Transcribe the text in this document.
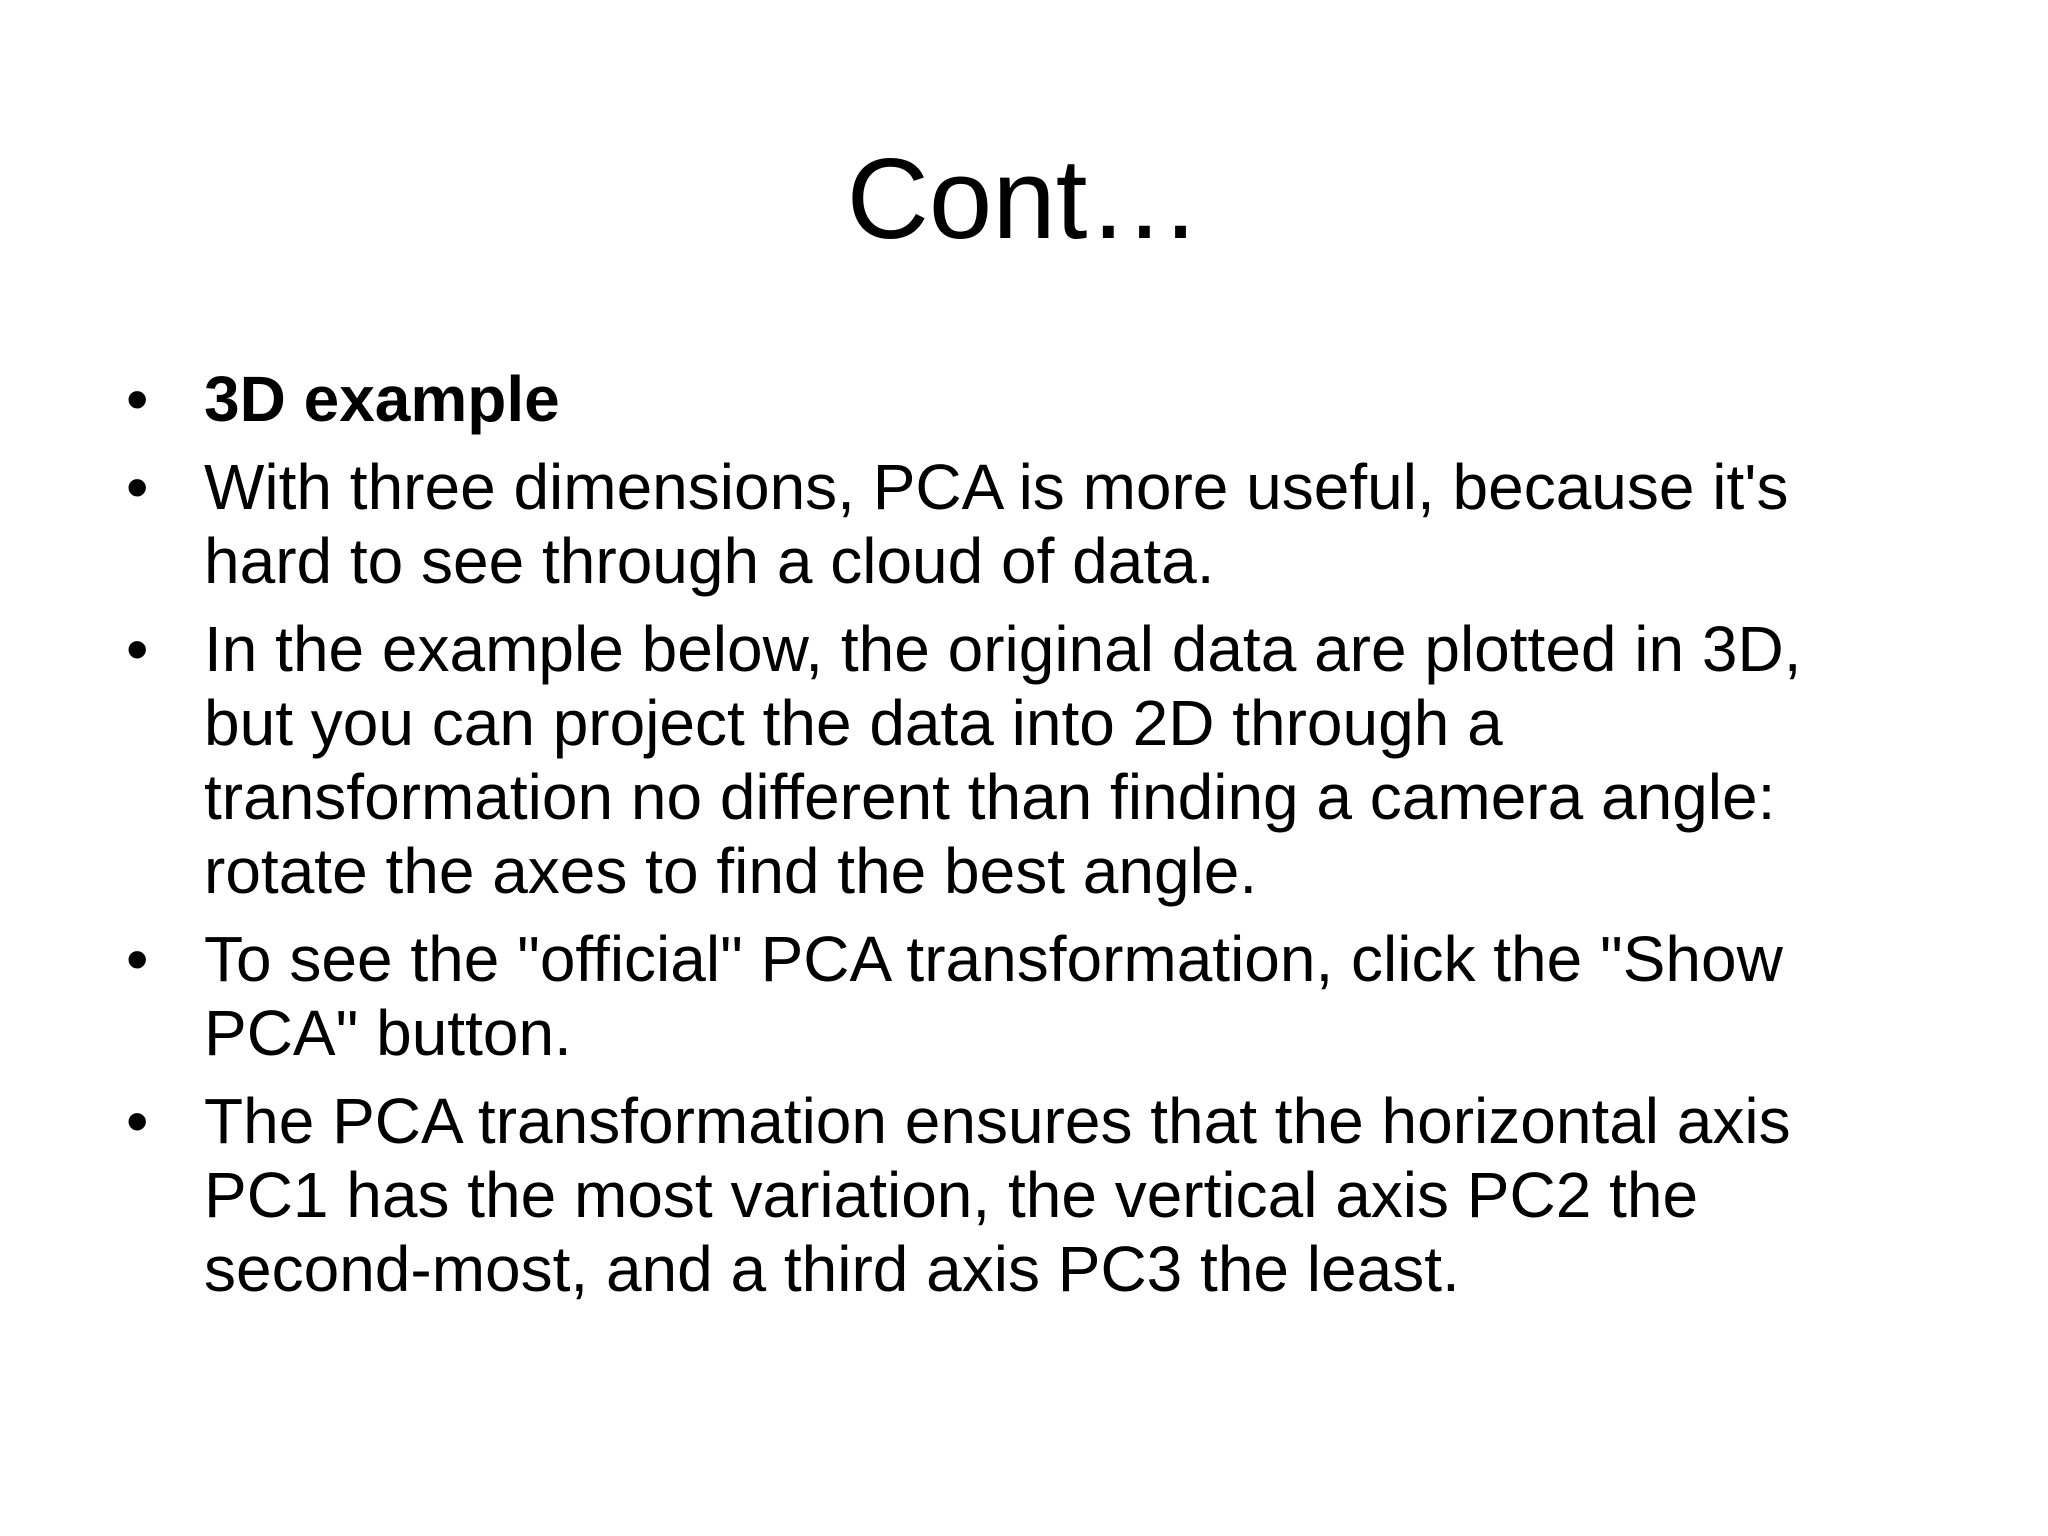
Cont…
• 3D example
• With three dimensions, PCA is more useful, because it's hard to see through a cloud of data.
• In the example below, the original data are plotted in 3D, but you can project the data into 2D through a transformation no different than finding a camera angle: rotate the axes to find the best angle.
• To see the "official" PCA transformation, click the "Show PCA" button.
• The PCA transformation ensures that the horizontal axis PC1 has the most variation, the vertical axis PC2 the second-most, and a third axis PC3 the least.
